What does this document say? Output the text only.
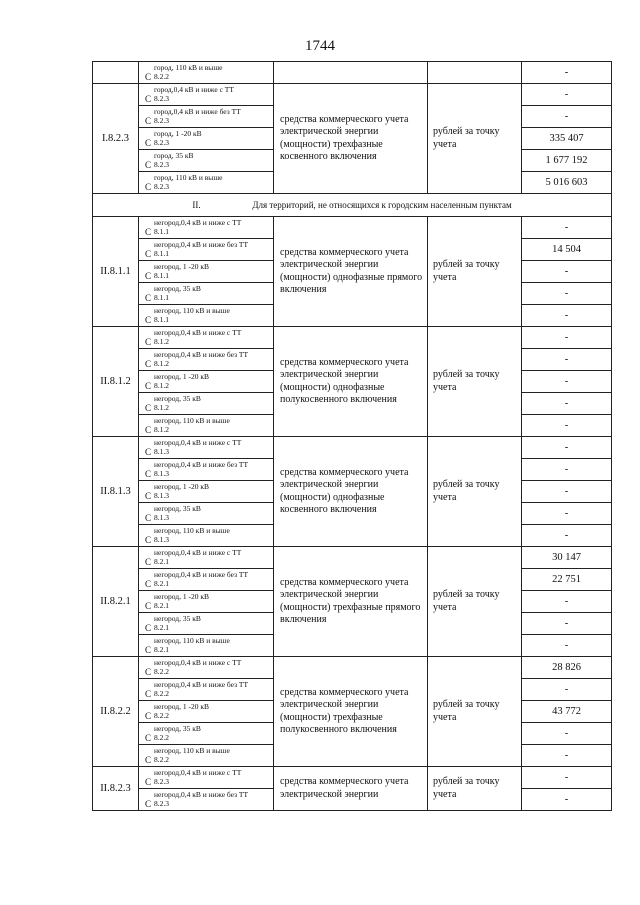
1744

	С
город, 110 кВ и выше
8.2.2			-
I.8.2.3	С
город,0,4 кВ и ниже с ТТ
8.2.3	средства коммерческого учета электрической энергии (мощности) трехфазные косвенного включения	рублей за точку учета	-

	С
город,0,4 кВ и ниже без ТТ
8.2.3			-

	С
город, 1 -20 кВ
8.2.3			335 407

	С
город, 35 кВ
8.2.3			1 677 192

	С
город, 110 кВ и выше
8.2.3			5 016 603
II. Для территорий, не относящихся к городским населенным пунктам				
II.8.1.1	С
негород,0,4 кВ и ниже с ТТ
8.1.1	средства коммерческого учета электрической энергии (мощности) однофазные прямого включения	рублей за точку учета	-

	С
негород,0,4 кВ и ниже без ТТ
8.1.1			14 504

	С
негород, 1 -20 кВ
8.1.1			-

	С
негород, 35 кВ
8.1.1			-

	С
негород, 110 кВ и выше
8.1.1			-
II.8.1.2	С
негород,0,4 кВ и ниже с ТТ
8.1.2	средства коммерческого учета электрической энергии (мощности) однофазные полукосвенного включения	рублей за точку учета	-

	С
негород,0,4 кВ и ниже без ТТ
8.1.2			-

	С
негород, 1 -20 кВ
8.1.2			-

	С
негород, 35 кВ
8.1.2			-

	С
негород, 110 кВ и выше
8.1.2			-
II.8.1.3	С
негород,0,4 кВ и ниже с ТТ
8.1.3	средства коммерческого учета электрической энергии (мощности) однофазные косвенного включения	рублей за точку учета	-

	С
негород,0,4 кВ и ниже без ТТ
8.1.3			-

	С
негород, 1 -20 кВ
8.1.3			-

	С
негород, 35 кВ
8.1.3			-

	С
негород, 110 кВ и выше
8.1.3			-
II.8.2.1	С
негород,0,4 кВ и ниже с ТТ
8.2.1	средства коммерческого учета электрической энергии (мощности) трехфазные прямого включения	рублей за точку учета	30 147

	С
негород,0,4 кВ и ниже без ТТ
8.2.1			22 751

	С
негород, 1 -20 кВ
8.2.1			-

	С
негород, 35 кВ
8.2.1			-

	С
негород, 110 кВ и выше
8.2.1			-
II.8.2.2	С
негород,0,4 кВ и ниже с ТТ
8.2.2	средства коммерческого учета электрической энергии (мощности) трехфазные полукосвенного включения	рублей за точку учета	28 826

	С
негород,0,4 кВ и ниже без ТТ
8.2.2			-

	С
негород, 1 -20 кВ
8.2.2			43 772

	С
негород, 35 кВ
8.2.2			-

	С
негород, 110 кВ и выше
8.2.2			-
II.8.2.3	С
негород,0,4 кВ и ниже с ТТ
8.2.3	средства коммерческого учета электрической энергии	рублей за точку учета	-

	С
негород,0,4 кВ и ниже без ТТ
8.2.3			-
